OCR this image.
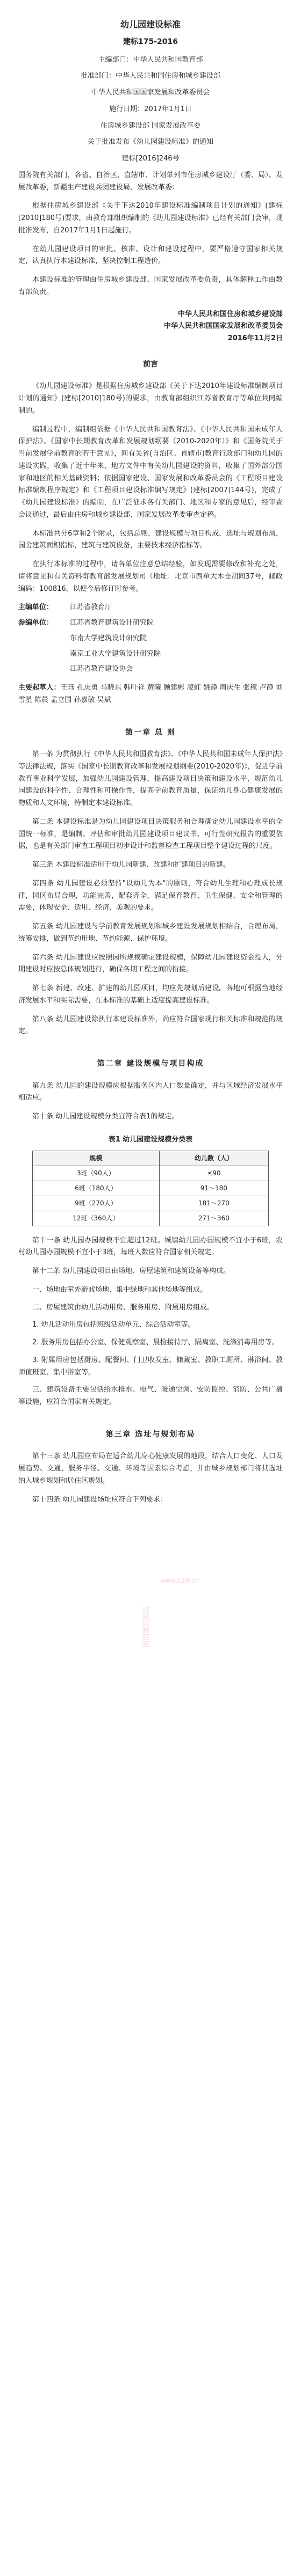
幼儿园建设标准
建标175-2016
主编部门：中华人民共和国教育部
批准部门：中华人民共和国住房和城乡建设部
中华人民共和国国家发展和改革委员会
施行日期：2017年1月1日
住房城乡建设部 国家发展改革委
关于批准发布《幼儿园建设标准》的通知
建标[2016]246号

国务院有关部门，各省、自治区、直辖市、计划单列市住房城乡建设厅（委、局）、发展改革委，新疆生产建设兵团建设局、发展改革委：

根据住房城乡建设部《关于下达2010年建设标准编制项目计划的通知》(建标[2010]180号)要求，由教育部组织编制的《幼儿园建设标准》已经有关部门会审，现批准发布，自2017年1月1日起施行。

在幼儿园建设项目的审批、核准、设计和建设过程中，要严格遵守国家相关规定，认真执行本建设标准，坚决控制工程造价。

本建设标准的管理由住房城乡建设部、国家发展改革委负责，具体解释工作由教育部负责。

中华人民共和国住房和城乡建设部
中华人民共和国国家发展和改革委员会
2016年11月2日
前言

《幼儿园建设标准》是根据住房城乡建设部《关于下达2010年建设标准编制项目计划的通知》(建标[2010]180号)的要求，由教育部组织江苏省教育厅等单位共同编制的。

编制过程中，编制组依据《中华人民共和国教育法》、《中华人民共和国未成年人保护法》、《国家中长期教育改革和发展规划纲要（2010-2020年）》和《国务院关于当前发展学前教育的若干意见》，同有关省(自治区、直辖市)教育行政部门和幼儿园的建设实践，收集了近十年来，地方文件中有关幼儿园建设的资料，收集了国外部分国家和地区的相关基础资料；依据国家建设、国家发展和改革委员会的《工程项目建设标准编制程序规定》和《工程项目建设标准编写规定》(建标[2007]144号)，完成了《幼儿园建设标准》的编制，在广泛征求各有关部门、地区和专家的意见后，经审查会议通过，最后由住房和城乡建设部、国家发展改革委审查定稿。

本标准共分6章和2个附录，包括总则，建设规模与项目构成，选址与规划布局，园舍建筑面积指标，建筑与建筑设备，主要技术经济指标等。

在执行本标准的过程中，请各单位注意总结经验，如发现需要修改和补充之处，请将意见和有关资料寄教育部发展规划司（地址：北京市西单大木仓胡同37号，邮政编码：100816，以便今后修订时参考。

主编单位：	江苏省教育厅
参编单位：	江苏省教育建筑设计研究院
东南大学建筑设计研究院
南京工业大学建筑设计研究院
江苏省教育建设协会

主要起草人：王珏 孔庆勇 马晓东 韩叶祥 黄曦 顾建彬 凌虹 姚静 周庆生 张稼 卢静 刘雪星 陈晨 孟立国 孙嘉敏 吴斌

第一章 总 则

第一条 为贯彻执行《中华人民共和国教育法》、《中华人民共和国未成年人保护法》等法律法规，落实《国家中长期教育改革和发展规划纲要(2010-2020年)》，促进学前教育事业科学发展，加强幼儿园建设管理，提高建设项目决策和建设水平，规范幼儿园建设的科学性、合理性和可操作性，提高学前教育质量，保证幼儿身心健康发展的物质和人文环境，特制定本建设标准。

第二条 本建设标准是为幼儿园建设项目决策服务和合理确定幼儿园建设水平的全国统一标准，是编制、评估和审批幼儿园建设项目建议书、可行性研究报告的重要依据，也是有关部门审查工程项目初步设计和监督检查工程项目整个建设过程的尺度。

第三条 本建设标准适用于幼儿园新建、改建和扩建项目的新建。

第四条 幼儿园建设必须坚持"以幼儿为本"的原则，符合幼儿生理和心理成长规律，园区布局合理，功能完善，配套齐全，满足保育教育、卫生保健、安全和管理的需要，体现安全、适用、经济、美观的要求。

第五条 幼儿园建设与学前教育发展规划和城乡建设发展规划相结合，合理布局，统筹安排，做到节约用地、节约能源、保护环境。

第六条 幼儿园建设应按照园所规模确定建设规模，保障幼儿园建设资金投入，分期建设时应按总体规划进行，确保各期工程之间的衔接。

第七条 新建、改建、扩建的幼儿园项目，均应先规划后建设。各地可根据当地经济发展水平和实际需要，在本标准的基础上适度提高建设标准。

第八条 幼儿园建设除执行本建设标准外，尚应符合国家现行相关标准和规范的规定。

第二章 建设规模与项目构成

第九条 幼儿园的建设规模应根据服务区内人口数量确定，并与区域经济发展水平相适应。

第十条 幼儿园建设规模分类宜符合表1的规定。

表1 幼儿园建设规模分类表
规模	幼儿数（人）
3班（90人）	≤90
6班（180人）	91～180
9班（270人）	181～270
12班（360人）	271～360

第十一条 幼儿园办园规模不宜超过12班。城镇幼儿园办园规模不宜小于6班，农村幼儿园办园规模不宜小于3班，每班人数应符合国家相关规定。

第十二条 幼儿园建设项目由场地、房屋建筑和建筑设备等构成。

一、场地由室外游戏场地、集中绿地和其他场地等组成。

二、房屋建筑由幼儿活动用房、服务用房、附属用房组成。

1. 幼儿活动用房包括班级活动单元、综合活动室等。

2. 服务用房包括办公室、保健观察室、晨检接待厅、隔离室、洗涤消毒用房等。

3. 附属用房包括厨房、配餐间、门卫收发室、储藏室、教职工厕所、淋浴间、教师值班室、集中浴室等。

三、建筑设备主要包括给水排水、电气、暖通空调、安防监控、消防、公共广播等设施，应符合国家有关规定。

第三章 选址与规划布局

第十三条 幼儿园应布局在适合幼儿身心健康发展的地段，结合人口变化、人口发展趋势、交通、服务半径、交通、环境等因素综合考虑，并由城乡规划部门将其选址纳入城乡规划和居住区规划。

第十四条 幼儿园建设场址应符合下列要求：

www.c10.cn
图创建筑规范
